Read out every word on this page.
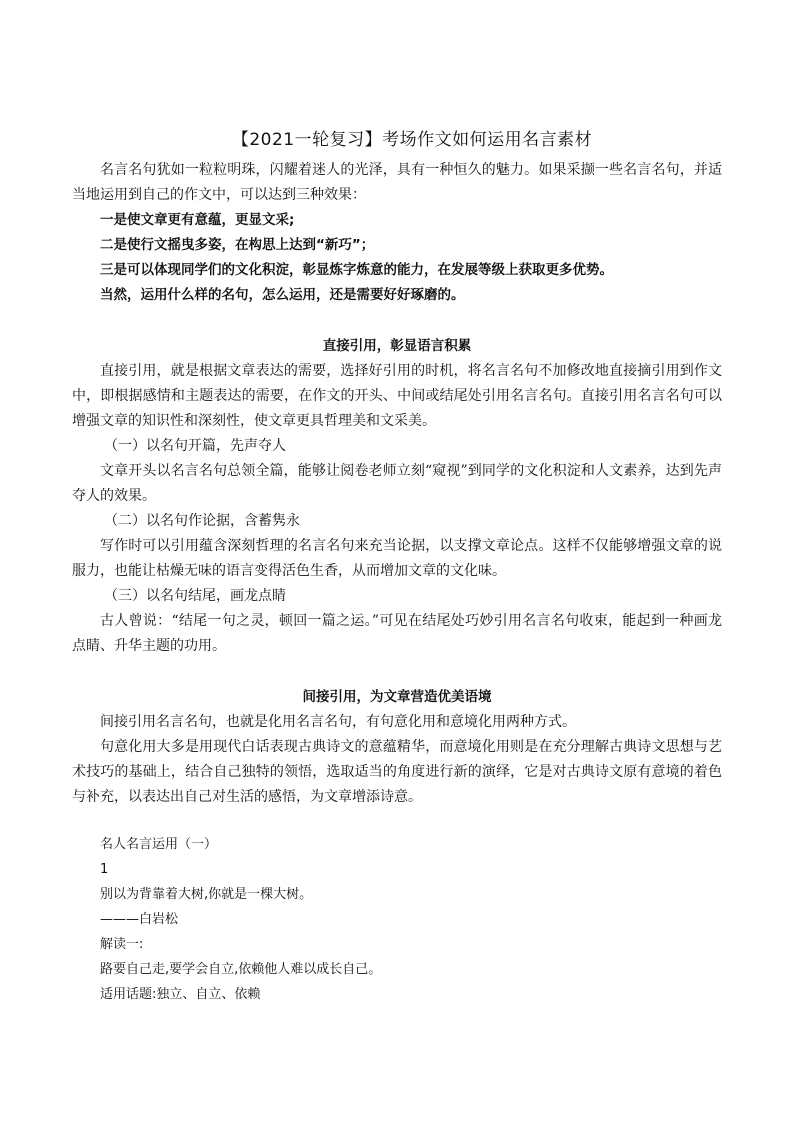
【2021一轮复习】考场作文如何运用名言素材

名言名句犹如一粒粒明珠，闪耀着迷人的光泽，具有一种恒久的魅力。如果采撷一些名言名句，并适当地运用到自己的作文中，可以达到三种效果：

一是使文章更有意蕴，更显文采;

二是使行文摇曳多姿，在构思上达到“新巧”；

三是可以体现同学们的文化积淀，彰显炼字炼意的能力，在发展等级上获取更多优势。

当然，运用什么样的名句，怎么运用，还是需要好好琢磨的。

直接引用，彰显语言积累

直接引用，就是根据文章表达的需要，选择好引用的时机，将名言名句不加修改地直接摘引用到作文中，即根据感情和主题表达的需要，在作文的开头、中间或结尾处引用名言名句。直接引用名言名句可以增强文章的知识性和深刻性，使文章更具哲理美和文采美。

（一）以名句开篇，先声夺人

文章开头以名言名句总领全篇，能够让阅卷老师立刻“窥视”到同学的文化积淀和人文素养，达到先声夺人的效果。

（二）以名句作论据，含蓄隽永

写作时可以引用蕴含深刻哲理的名言名句来充当论据，以支撑文章论点。这样不仅能够增强文章的说服力，也能让枯燥无味的语言变得活色生香，从而增加文章的文化味。

（三）以名句结尾，画龙点睛

古人曾说：“结尾一句之灵，顿回一篇之运。”可见在结尾处巧妙引用名言名句收束，能起到一种画龙点睛、升华主题的功用。

间接引用，为文章营造优美语境

间接引用名言名句，也就是化用名言名句，有句意化用和意境化用两种方式。

句意化用大多是用现代白话表现古典诗文的意蕴精华，而意境化用则是在充分理解古典诗文思想与艺术技巧的基础上，结合自己独特的领悟，选取适当的角度进行新的演绎，它是对古典诗文原有意境的着色与补充，以表达出自己对生活的感悟，为文章增添诗意。

名人名言运用（一）

1

别以为背靠着大树,你就是一棵大树。

———白岩松

解读一:

路要自己走,要学会自立,依赖他人难以成长自己。

适用话题:独立、自立、依赖
